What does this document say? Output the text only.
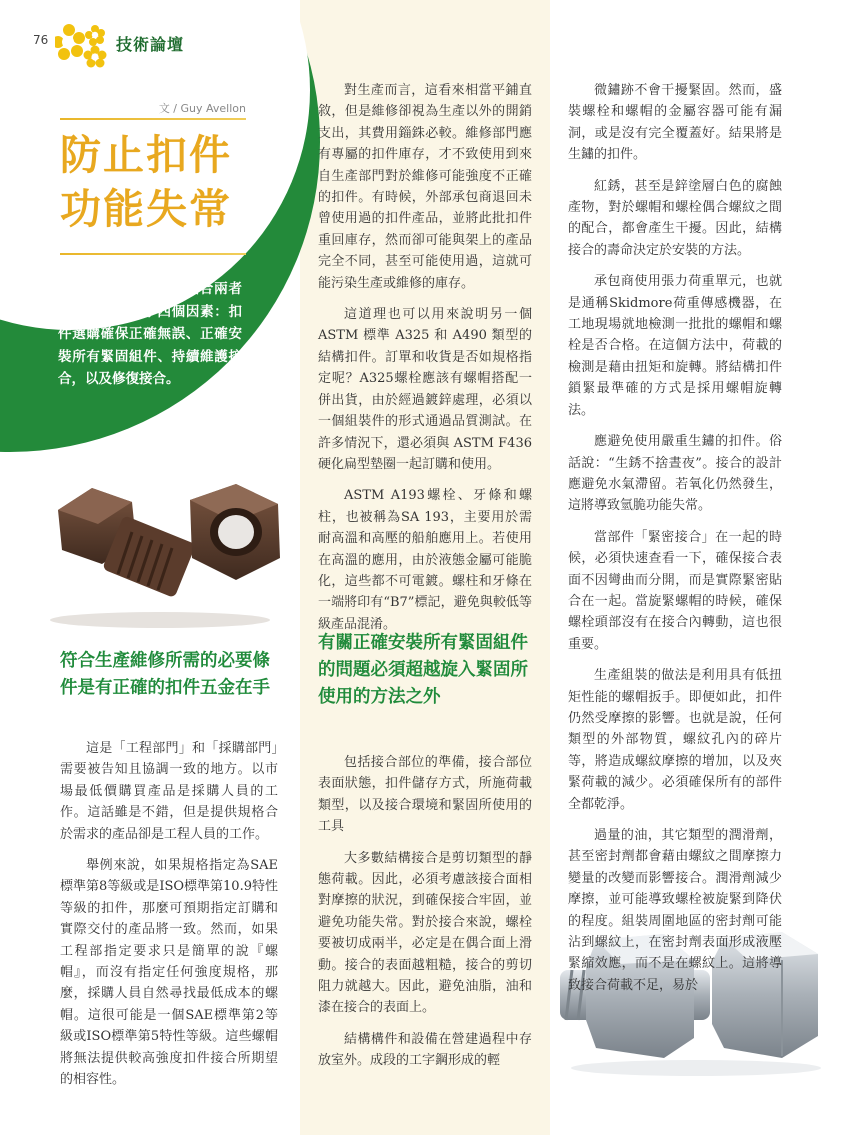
76	技術論壇
文 / Guy Avellon
防止扣件
功能失常
防止扣件和緊固接合兩者功能失常涉及了四個因素：扣件選購確保正確無誤、正確安裝所有緊固組件、持續維護接合，以及修復接合。
符合生產維修所需的必要條件是有正確的扣件五金在手

這是「工程部門」和「採購部門」需要被告知且協調一致的地方。以市場最低價購買產品是採購人員的工作。這話雖是不錯，但是提供規格合於需求的產品卻是工程人員的工作。

舉例來說，如果規格指定為SAE標準第8等級或是ISO標準第10.9特性等級的扣件，那麼可預期指定訂購和實際交付的產品將一致。然而，如果工程部指定要求只是簡單的說『螺帽』，而沒有指定任何強度規格，那麼，採購人員自然尋找最低成本的螺帽。這很可能是一個SAE標準第2等級或ISO標準第5特性等級。這些螺帽將無法提供較高強度扣件接合所期望的相容性。

對生產而言，這看來相當平鋪直敘，但是維修卻視為生產以外的開銷支出，其費用錙銖必較。維修部門應有專屬的扣件庫存，才不致使用到來自生產部門對於維修可能強度不正確的扣件。有時候，外部承包商退回未曾使用過的扣件產品，並將此批扣件重回庫存，然而卻可能與架上的產品完全不同，甚至可能使用過，這就可能污染生產或維修的庫存。

這道理也可以用來說明另一個ASTM 標準 A325 和 A490 類型的結構扣件。訂單和收貨是否如規格指定呢？A325螺栓應該有螺帽搭配一併出貨，由於經過鍍鋅處理，必須以一個組裝件的形式通過品質測試。在許多情況下，還必須與 ASTM F436 硬化扁型墊圈一起訂購和使用。

ASTM A193螺栓、牙條和螺柱，也被稱為SA 193，主要用於需耐高溫和高壓的船舶應用上。若使用在高溫的應用，由於液態金屬可能脆化，這些都不可電鍍。螺柱和牙條在一端將印有“B7”標記，避免與較低等級產品混淆。

有關正確安裝所有緊固組件的問題必須超越旋入緊固所使用的方法之外

包括接合部位的準備，接合部位表面狀態，扣件儲存方式，所施荷載類型，以及接合環境和緊固所使用的工具

大多數結構接合是剪切類型的靜態荷載。因此，必須考慮該接合面相對摩擦的狀況，到確保接合牢固，並避免功能失常。對於接合來說，螺栓要被切成兩半，必定是在偶合面上滑動。接合的表面越粗糙，接合的剪切阻力就越大。因此，避免油脂，油和漆在接合的表面上。

結構構件和設備在營建過程中存放室外。成段的工字鋼形成的輕

微鏽跡不會干擾緊固。然而，盛裝螺栓和螺帽的金屬容器可能有漏洞，或是沒有完全覆蓋好。結果將是生鏽的扣件。

紅銹，甚至是鋅塗層白色的腐蝕產物，對於螺帽和螺栓偶合螺紋之間的配合，都會產生干擾。因此，結構接合的壽命決定於安裝的方法。

承包商使用張力荷重單元，也就是通稱Skidmore荷重傳感機器，在工地現場就地檢測一批批的螺帽和螺栓是否合格。在這個方法中，荷載的檢測是藉由扭矩和旋轉。將結構扣件鎖緊最準確的方式是採用螺帽旋轉法。

應避免使用嚴重生鏽的扣件。俗話說：“生銹不捨晝夜”。接合的設計應避免水氣滯留。若氧化仍然發生，這將導致氫脆功能失常。

當部件「緊密接合」在一起的時候，必須快速查看一下，確保接合表面不因彎曲而分開，而是實際緊密貼合在一起。當旋緊螺帽的時候，確保螺栓頭部沒有在接合內轉動，這也很重要。

生產組裝的做法是利用具有低扭矩性能的螺帽扳手。即便如此，扣件仍然受摩擦的影響。也就是說，任何類型的外部物質，螺紋孔內的碎片等，將造成螺紋摩擦的增加，以及夾緊荷載的減少。必須確保所有的部件全都乾淨。

過量的油，其它類型的潤滑劑，甚至密封劑都會藉由螺紋之間摩擦力變量的改變而影響接合。潤滑劑減少摩擦，並可能導致螺栓被旋緊到降伏的程度。組裝周圍地區的密封劑可能沾到螺紋上，在密封劑表面形成液壓緊縮效應，而不是在螺紋上。這將導致接合荷載不足，易於
